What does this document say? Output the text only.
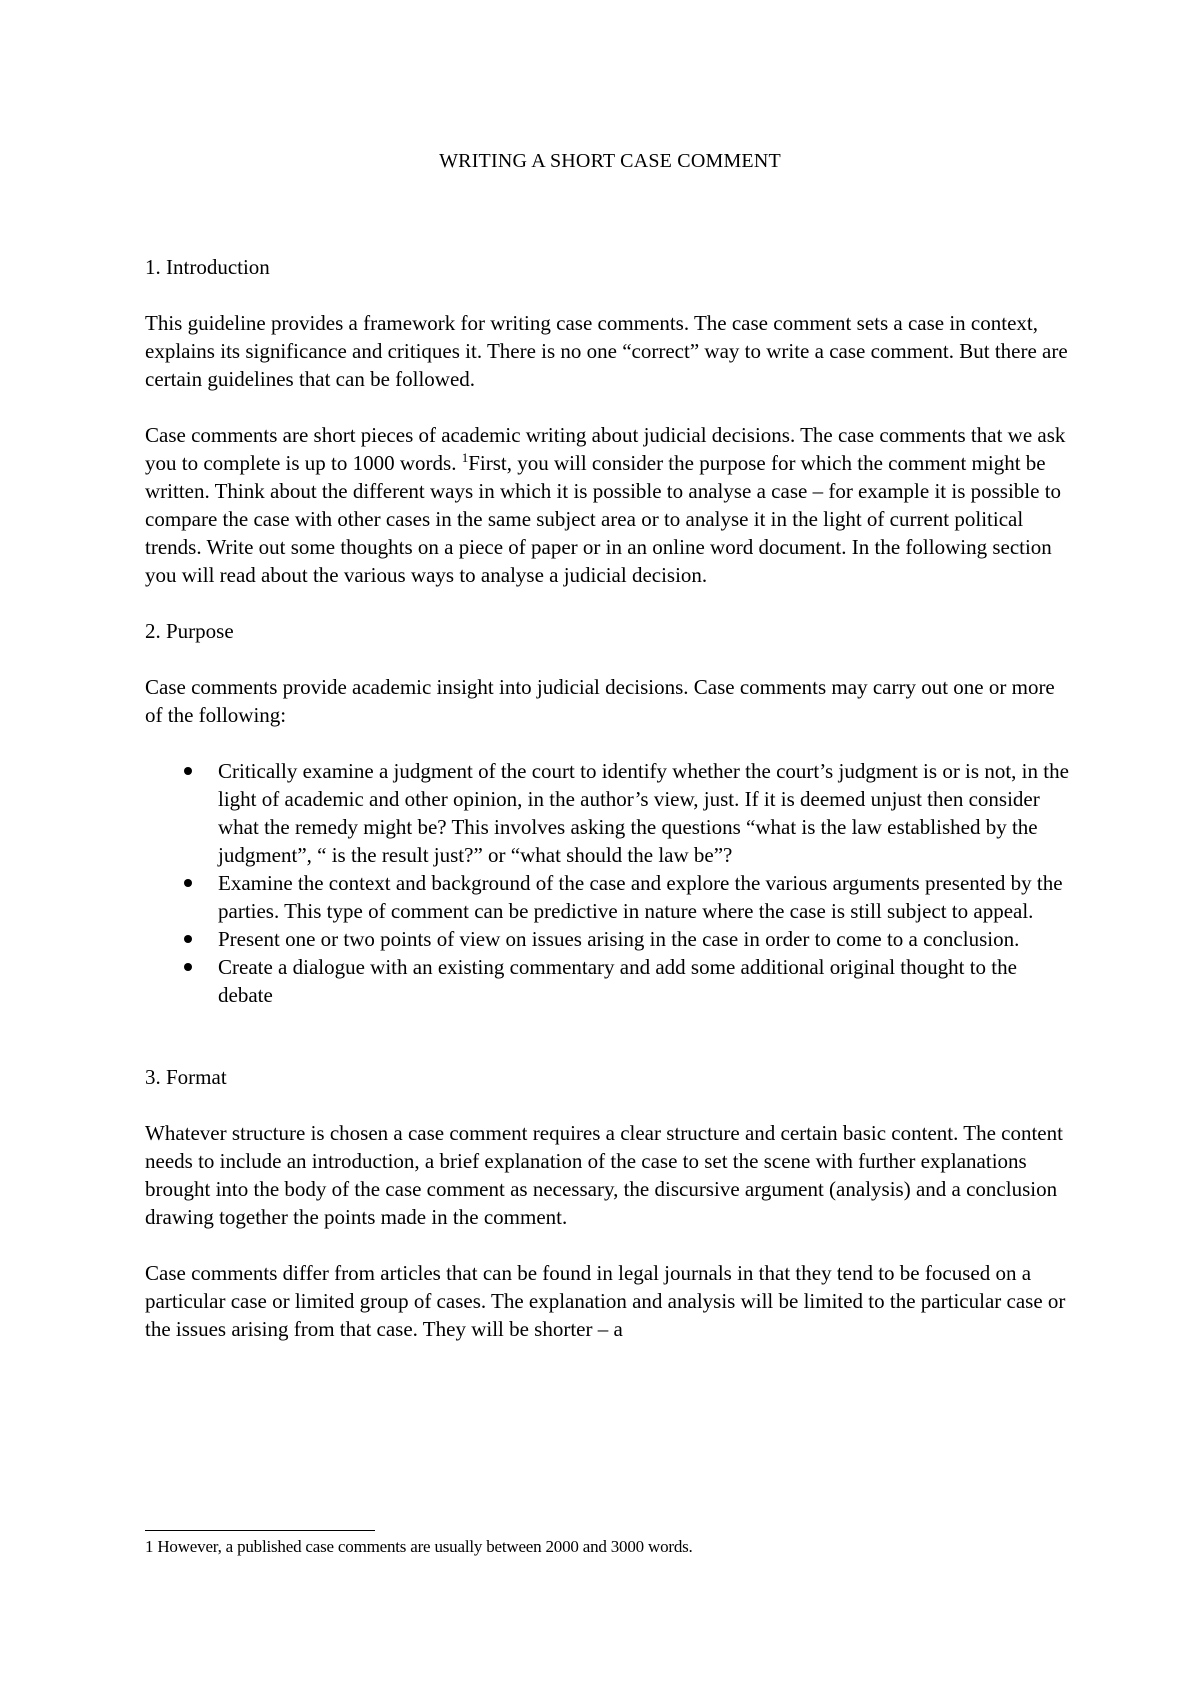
WRITING A SHORT CASE COMMENT
1. Introduction
This guideline provides a framework for writing case comments. The case comment sets a case in context, explains its significance and critiques it. There is no one “correct” way to write a case comment. But there are certain guidelines that can be followed.
Case comments are short pieces of academic writing about judicial decisions. The case comments that we ask you to complete is up to 1000 words. $^1$First, you will consider the purpose for which the comment might be written. Think about the different ways in which it is possible to analyse a case – for example it is possible to compare the case with other cases in the same subject area or to analyse it in the light of current political trends. Write out some thoughts on a piece of paper or in an online word document. In the following section you will read about the various ways to analyse a judicial decision.
2. Purpose
Case comments provide academic insight into judicial decisions. Case comments may carry out one or more of the following:
Critically examine a judgment of the court to identify whether the court’s judgment is or is not, in the light of academic and other opinion, in the author’s view, just. If it is deemed unjust then consider what the remedy might be? This involves asking the questions “what is the law established by the judgment”, “ is the result just?” or “what should the law be”?
Examine the context and background of the case and explore the various arguments presented by the parties. This type of comment can be predictive in nature where the case is still subject to appeal.
Present one or two points of view on issues arising in the case in order to come to a conclusion.
Create a dialogue with an existing commentary and add some additional original thought to the debate
3. Format
Whatever structure is chosen a case comment requires a clear structure and certain basic content. The content needs to include an introduction, a brief explanation of the case to set the scene with further explanations brought into the body of the case comment as necessary, the discursive argument (analysis) and a conclusion drawing together the points made in the comment.
Case comments differ from articles that can be found in legal journals in that they tend to be focused on a particular case or limited group of cases. The explanation and analysis will be limited to the particular case or the issues arising from that case. They will be shorter – a
1 However, a published case comments are usually between 2000 and 3000 words.
